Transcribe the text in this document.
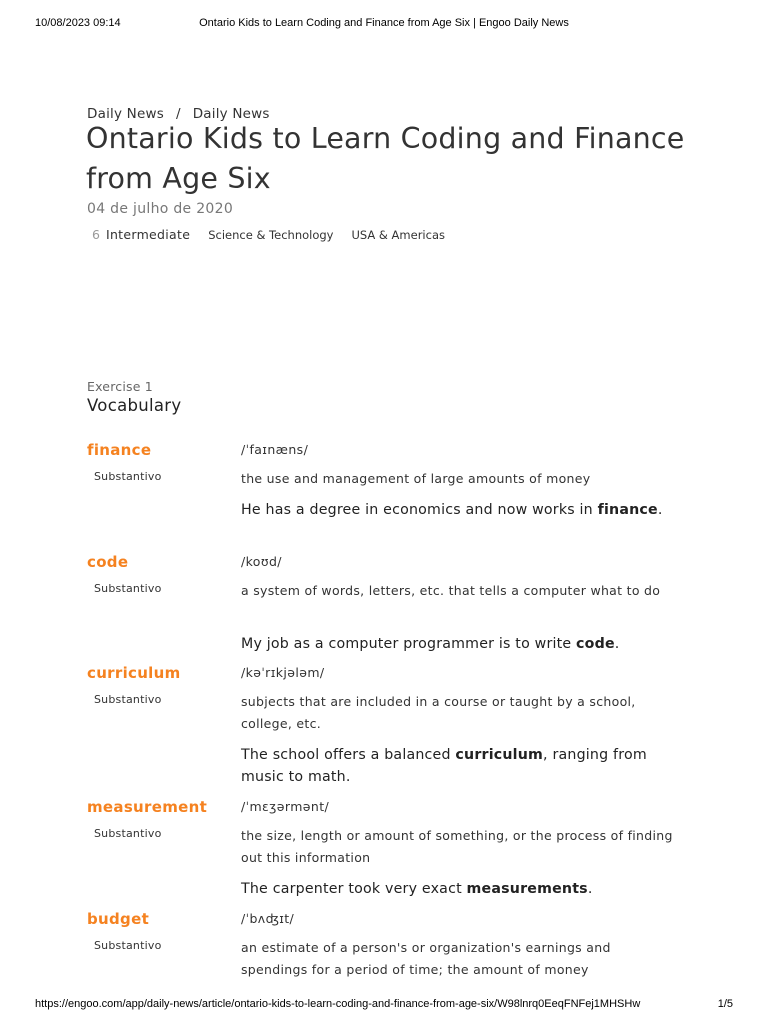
10/08/2023 09:14	Ontario Kids to Learn Coding and Finance from Age Six | Engoo Daily News
Daily News / Daily News
Ontario Kids to Learn Coding and Finance from Age Six
04 de julho de 2020
6 Intermediate Science & Technology USA & Americas
Exercise 1
Vocabulary
finance	/ˈfaɪnæns/
Substantivo	the use and management of large amounts of money
He has a degree in economics and now works in finance.
code	/koʊd/
Substantivo	a system of words, letters, etc. that tells a computer what to do
My job as a computer programmer is to write code.
curriculum	/kəˈrɪkjələm/
Substantivo	subjects that are included in a course or taught by a school, college, etc.
The school offers a balanced curriculum, ranging from music to math.
measurement	/ˈmɛʒərmənt/
Substantivo	the size, length or amount of something, or the process of finding out this information
The carpenter took very exact measurements.
budget	/ˈbʌʤɪt/
Substantivo	an estimate of a person's or organization's earnings and spendings for a period of time; the amount of money
https://engoo.com/app/daily-news/article/ontario-kids-to-learn-coding-and-finance-from-age-six/W98lnrq0EeqFNFej1MHSHw	1/5
